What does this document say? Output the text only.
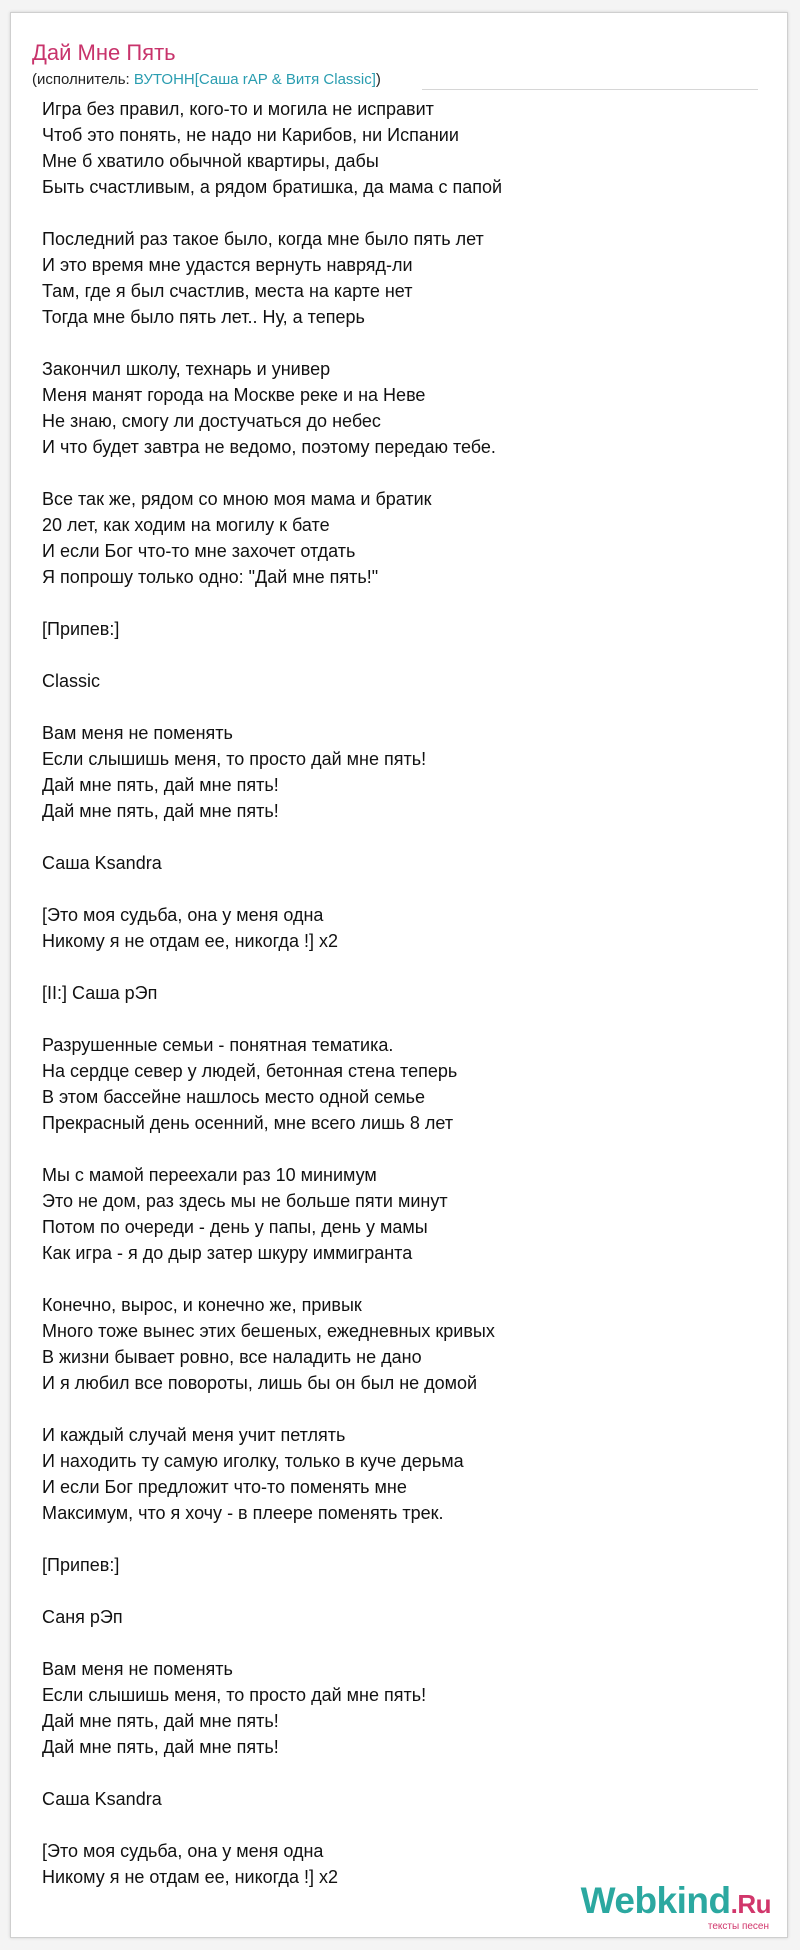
Дай Мне Пять
(исполнитель: ВУТОНН[Саша rAP & Витя Classic])
Игра без правил, кого-то и могила не исправит
Чтоб это понять, не надо ни Карибов, ни Испании
Мне б хватило обычной квартиры, дабы
Быть счастливым, а рядом братишка, да мама с папой
Последний раз такое было, когда мне было пять лет
И это время мне удастся вернуть навряд-ли
Там, где я был счастлив, места на карте нет
Тогда мне было пять лет.. Ну, а теперь
Закончил школу, технарь и универ
Меня манят города на Москве реке и на Неве
Не знаю, смогу ли достучаться до небес
И что будет завтра не ведомо, поэтому передаю тебе.
Все так же, рядом со мною моя мама и братик
20 лет, как ходим на могилу к бате
И если Бог что-то мне захочет отдать
Я попрошу только одно: "Дай мне пять!"
[Припев:]
Classic
Вам меня не поменять
Если слышишь меня, то просто дай мне пять!
Дай мне пять, дай мне пять!
Дай мне пять, дай мне пять!
Саша Ksandra
[Это моя судьба, она у меня одна
Никому я не отдам ее, никогда !] x2
[II:] Саша рЭп
Разрушенные семьи - понятная тематика.
На сердце север у людей, бетонная стена теперь
В этом бассейне нашлось место одной семье
Прекрасный день осенний, мне всего лишь 8 лет
Мы с мамой переехали раз 10 минимум
Это не дом, раз здесь мы не больше пяти минут
Потом по очереди - день у папы, день у мамы
Как игра - я до дыр затер шкуру иммигранта
Конечно, вырос, и конечно же, привык
Много тоже вынес этих бешеных, ежедневных кривых
В жизни бывает ровно, все наладить не дано
И я любил все повороты, лишь бы он был не домой
И каждый случай меня учит петлять
И находить ту самую иголку, только в куче дерьма
И если Бог предложит что-то поменять мне
Максимум, что я хочу - в плеере поменять трек.
[Припев:]
Саня рЭп
Вам меня не поменять
Если слышишь меня, то просто дай мне пять!
Дай мне пять, дай мне пять!
Дай мне пять, дай мне пять!
Саша Ksandra
[Это моя судьба, она у меня одна
Никому я не отдам ее, никогда !] x2
Webkind.Ru
тексты песен
